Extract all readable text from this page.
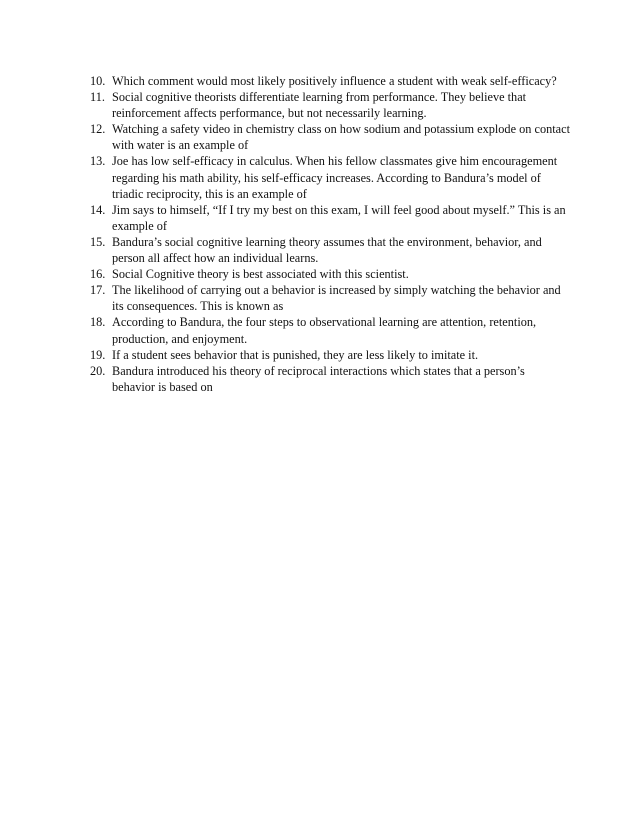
10. Which comment would most likely positively influence a student with weak self-efficacy?
11. Social cognitive theorists differentiate learning from performance. They believe that reinforcement affects performance, but not necessarily learning.
12. Watching a safety video in chemistry class on how sodium and potassium explode on contact with water is an example of
13. Joe has low self-efficacy in calculus. When his fellow classmates give him encouragement regarding his math ability, his self-efficacy increases. According to Bandura’s model of triadic reciprocity, this is an example of
14. Jim says to himself, “If I try my best on this exam, I will feel good about myself.” This is an example of
15. Bandura’s social cognitive learning theory assumes that the environment, behavior, and person all affect how an individual learns.
16. Social Cognitive theory is best associated with this scientist.
17. The likelihood of carrying out a behavior is increased by simply watching the behavior and its consequences. This is known as
18. According to Bandura, the four steps to observational learning are attention, retention, production, and enjoyment.
19. If a student sees behavior that is punished, they are less likely to imitate it.
20. Bandura introduced his theory of reciprocal interactions which states that a person’s behavior is based on
